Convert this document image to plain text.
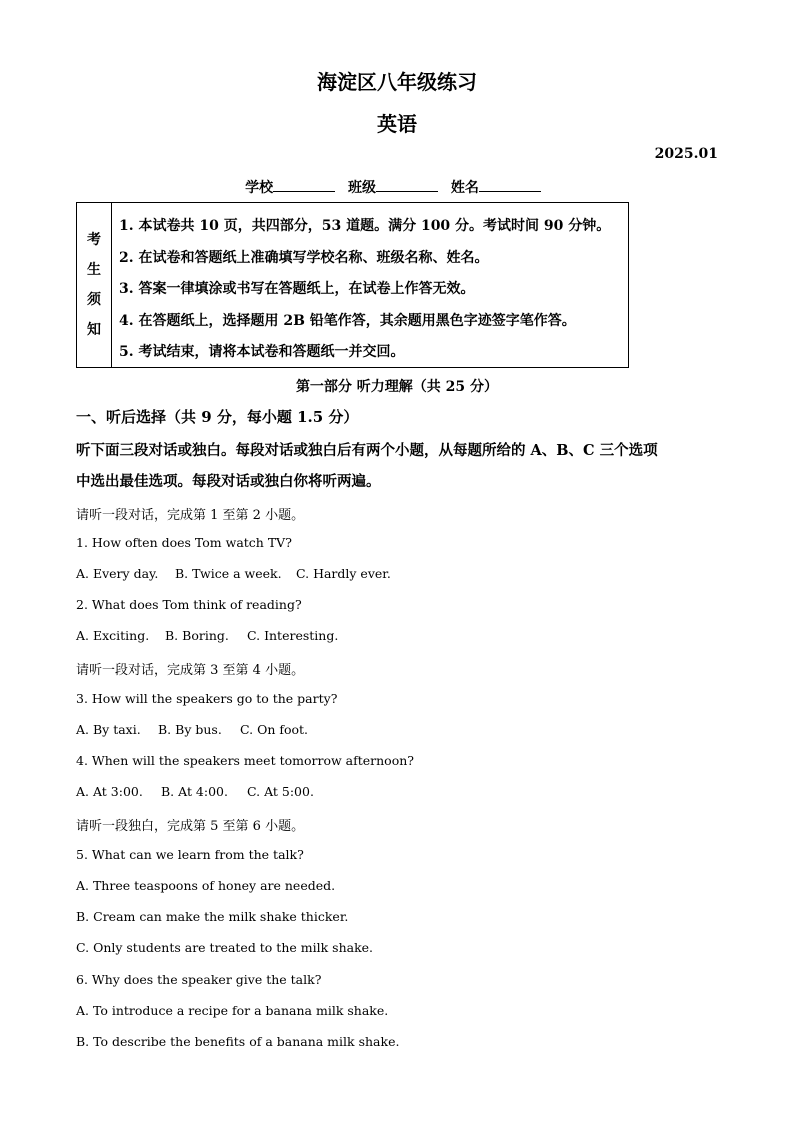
海淀区八年级练习
英语
2025.01
学校	班级	姓名
考
生
须
知
1. 本试卷共 10 页，共四部分，53 道题。满分 100 分。考试时间 90 分钟。
2. 在试卷和答题纸上准确填写学校名称、班级名称、姓名。
3. 答案一律填涂或书写在答题纸上，在试卷上作答无效。
4. 在答题纸上，选择题用 2B 铅笔作答，其余题用黑色字迹签字笔作答。
5. 考试结束，请将本试卷和答题纸一并交回。
第一部分 听力理解（共 25 分）
一、听后选择（共 9 分，每小题 1.5 分）
听下面三段对话或独白。每段对话或独白后有两个小题，从每题所给的 A、B、C 三个选项
中选出最佳选项。每段对话或独白你将听两遍。
请听一段对话，完成第 1 至第 2 小题。
1. How often does Tom watch TV?
A. Every day. B. Twice a week. C. Hardly ever.
2. What does Tom think of reading?
A. Exciting. B. Boring. C. Interesting.
请听一段对话，完成第 3 至第 4 小题。
3. How will the speakers go to the party?
A. By taxi. B. By bus. C. On foot.
4. When will the speakers meet tomorrow afternoon?
A. At 3:00. B. At 4:00. C. At 5:00.
请听一段独白，完成第 5 至第 6 小题。
5. What can we learn from the talk?
A. Three teaspoons of honey are needed.
B. Cream can make the milk shake thicker.
C. Only students are treated to the milk shake.
6. Why does the speaker give the talk?
A. To introduce a recipe for a banana milk shake.
B. To describe the benefits of a banana milk shake.
